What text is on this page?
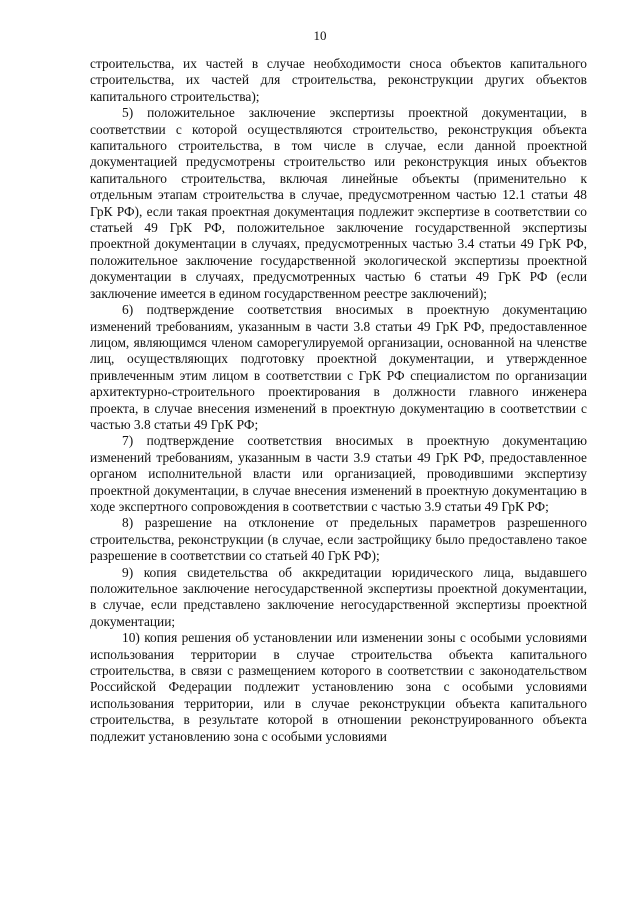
10

строительства, их частей в случае необходимости сноса объектов капитального строительства, их частей для строительства, реконструкции других объектов капитального строительства);

5) положительное заключение экспертизы проектной документации, в соответствии с которой осуществляются строительство, реконструкция объекта капитального строительства, в том числе в случае, если данной проектной документацией предусмотрены строительство или реконструкция иных объектов капитального строительства, включая линейные объекты (применительно к отдельным этапам строительства в случае, предусмотренном частью 12.1 статьи 48 ГрК РФ), если такая проектная документация подлежит экспертизе в соответствии со статьей 49 ГрК РФ, положительное заключение государственной экспертизы проектной документации в случаях, предусмотренных частью 3.4 статьи 49 ГрК РФ, положительное заключение государственной экологической экспертизы проектной документации в случаях, предусмотренных частью 6 статьи 49 ГрК РФ (если заключение имеется в едином государственном реестре заключений);

6) подтверждение соответствия вносимых в проектную документацию изменений требованиям, указанным в части 3.8 статьи 49 ГрК РФ, предоставленное лицом, являющимся членом саморегулируемой организации, основанной на членстве лиц, осуществляющих подготовку проектной документации, и утвержденное привлеченным этим лицом в соответствии с ГрК РФ специалистом по организации архитектурно-строительного проектирования в должности главного инженера проекта, в случае внесения изменений в проектную документацию в соответствии с частью 3.8 статьи 49 ГрК РФ;

7) подтверждение соответствия вносимых в проектную документацию изменений требованиям, указанным в части 3.9 статьи 49 ГрК РФ, предоставленное органом исполнительной власти или организацией, проводившими экспертизу проектной документации, в случае внесения изменений в проектную документацию в ходе экспертного сопровождения в соответствии с частью 3.9 статьи 49 ГрК РФ;

8) разрешение на отклонение от предельных параметров разрешенного строительства, реконструкции (в случае, если застройщику было предоставлено такое разрешение в соответствии со статьей 40 ГрК РФ);

9) копия свидетельства об аккредитации юридического лица, выдавшего положительное заключение негосударственной экспертизы проектной документации, в случае, если представлено заключение негосударственной экспертизы проектной документации;

10) копия решения об установлении или изменении зоны с особыми условиями использования территории в случае строительства объекта капитального строительства, в связи с размещением которого в соответствии с законодательством Российской Федерации подлежит установлению зона с особыми условиями использования территории, или в случае реконструкции объекта капитального строительства, в результате которой в отношении реконструированного объекта подлежит установлению зона с особыми условиями
